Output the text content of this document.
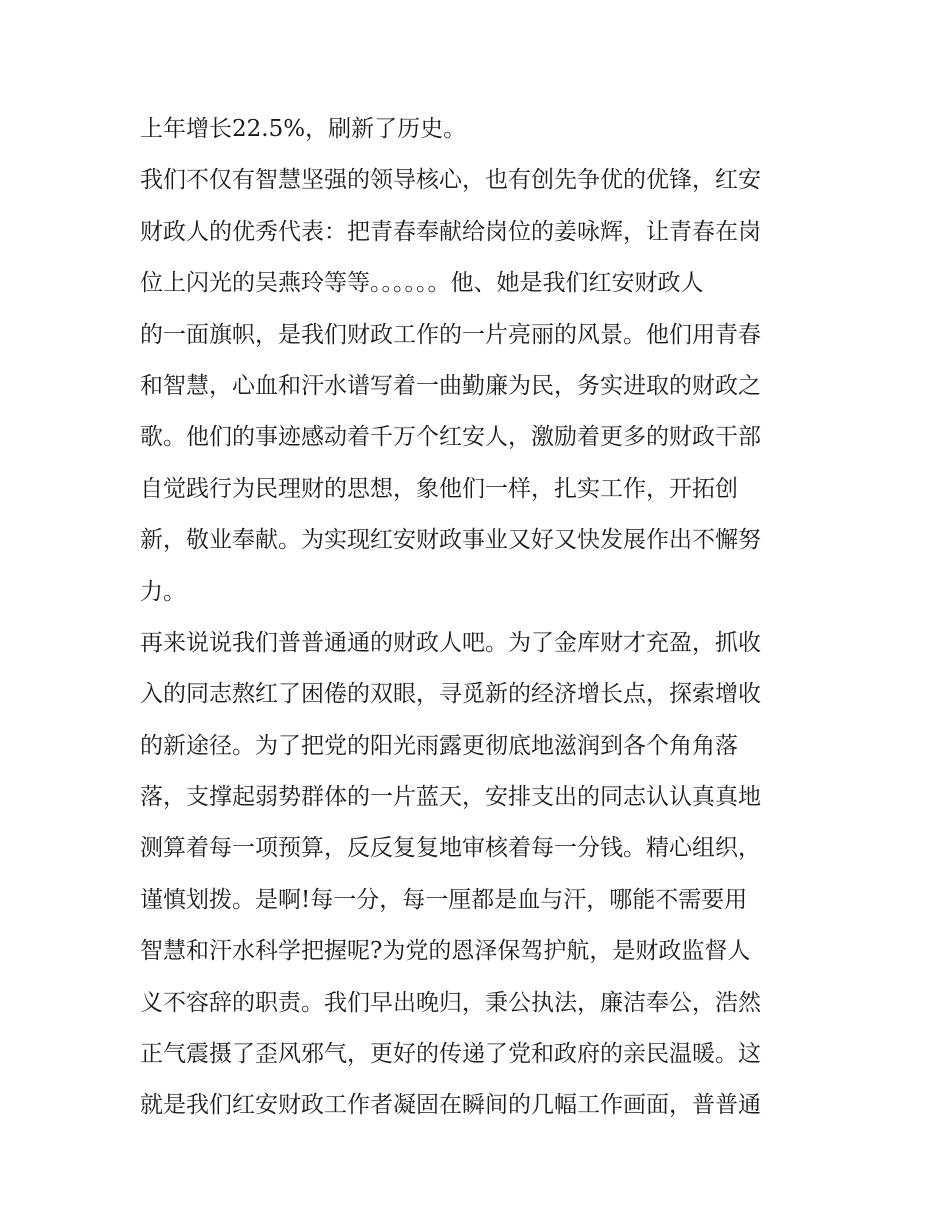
上年增长22.5%，刷新了历史。
我们不仅有智慧坚强的领导核心，也有创先争优的优锋，红安
财政人的优秀代表：把青春奉献给岗位的姜咏辉，让青春在岗
位上闪光的吴燕玲等等。。。。。。他、她是我们红安财政人
的一面旗帜，是我们财政工作的一片亮丽的风景。他们用青春
和智慧，心血和汗水谱写着一曲勤廉为民，务实进取的财政之
歌。他们的事迹感动着千万个红安人，激励着更多的财政干部
自觉践行为民理财的思想，象他们一样，扎实工作，开拓创
新，敬业奉献。为实现红安财政事业又好又快发展作出不懈努
力。
再来说说我们普普通通的财政人吧。为了金库财才充盈，抓收
入的同志熬红了困倦的双眼，寻觅新的经济增长点，探索增收
的新途径。为了把党的阳光雨露更彻底地滋润到各个角角落
落，支撑起弱势群体的一片蓝天，安排支出的同志认认真真地
测算着每一项预算，反反复复地审核着每一分钱。精心组织，
谨慎划拨。是啊!每一分，每一厘都是血与汗，哪能不需要用
智慧和汗水科学把握呢?为党的恩泽保驾护航，是财政监督人
义不容辞的职责。我们早出晚归，秉公执法，廉洁奉公，浩然
正气震摄了歪风邪气，更好的传递了党和政府的亲民温暖。这
就是我们红安财政工作者凝固在瞬间的几幅工作画面，普普通
